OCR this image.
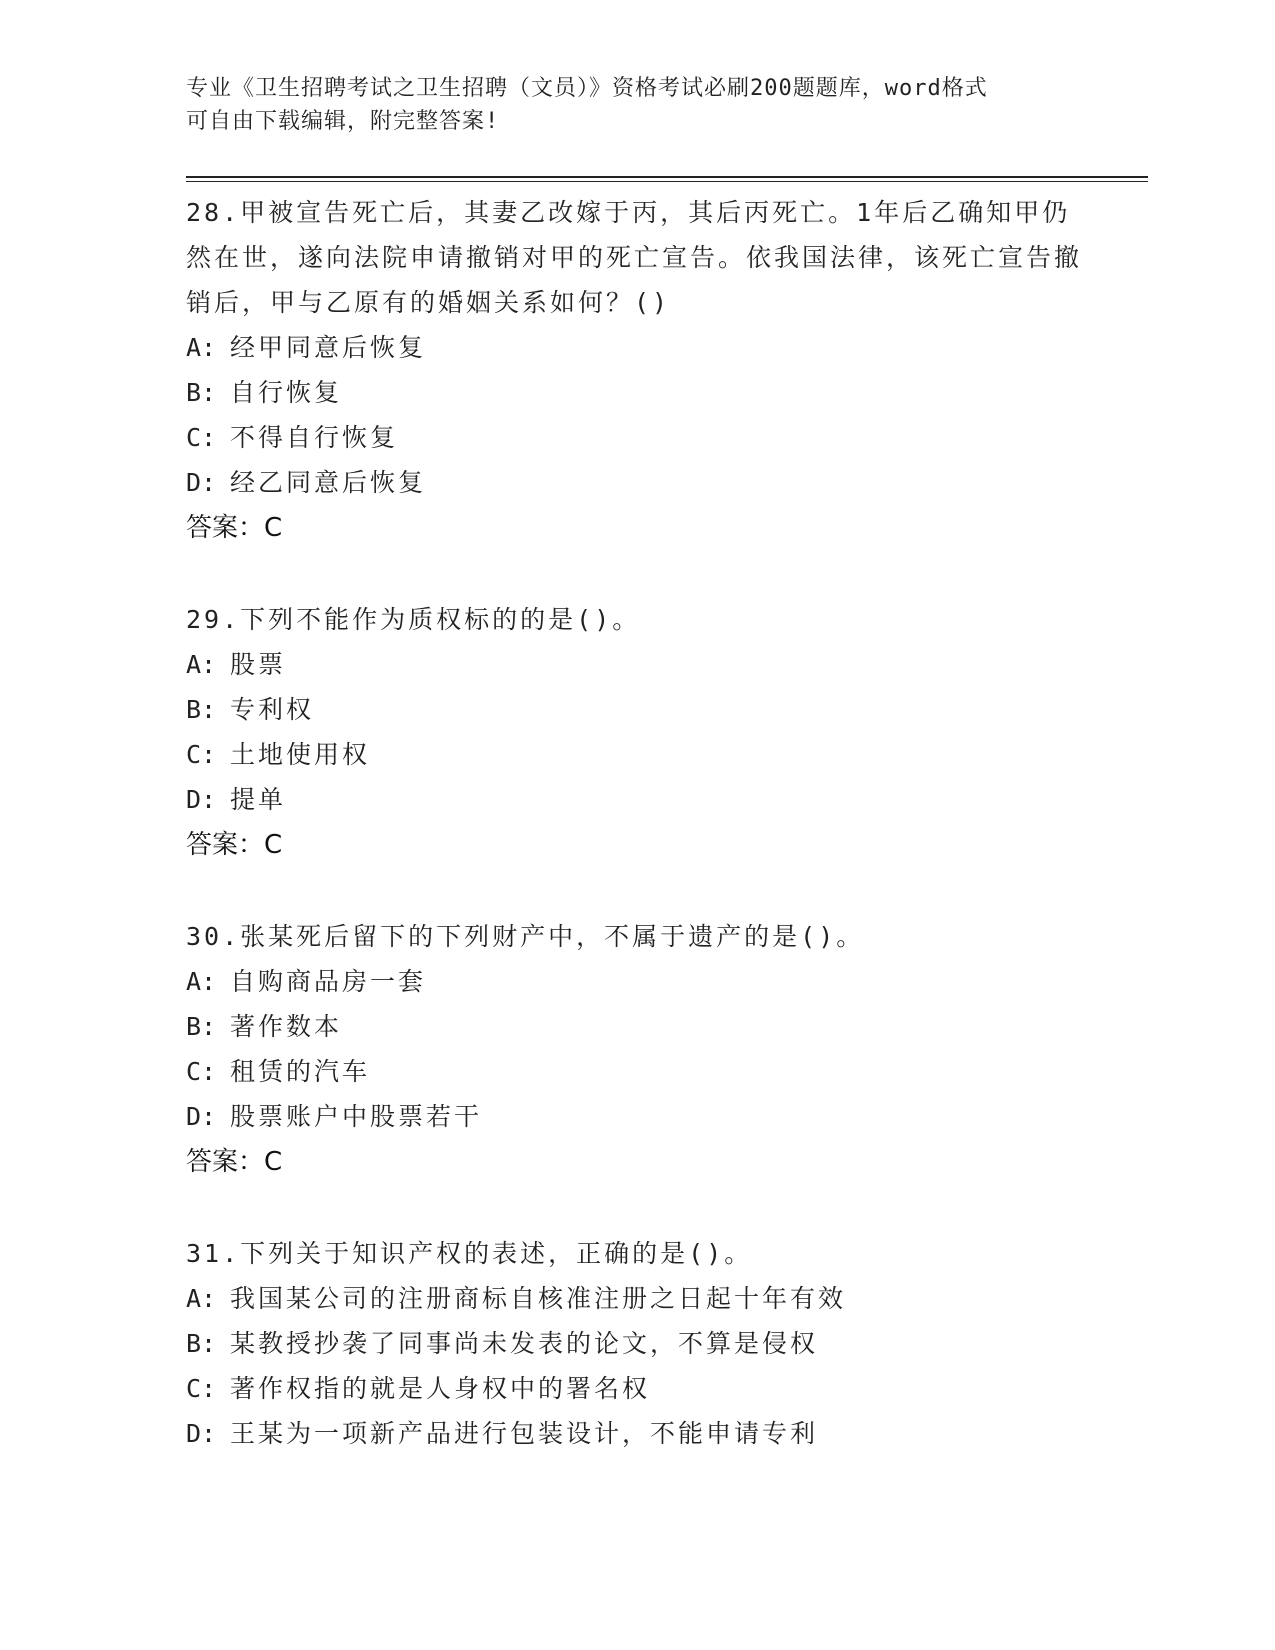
专业《卫生招聘考试之卫生招聘（文员）》资格考试必刷200题题库，word格式
可自由下载编辑，附完整答案!
28.甲被宣告死亡后，其妻乙改嫁于丙，其后丙死亡。1年后乙确知甲仍然在世，遂向法院申请撤销对甲的死亡宣告。依我国法律，该死亡宣告撤销后，甲与乙原有的婚姻关系如何？()
A: 经甲同意后恢复
B: 自行恢复
C: 不得自行恢复
D: 经乙同意后恢复
答案：C
29.下列不能作为质权标的的是()。
A: 股票
B: 专利权
C: 土地使用权
D: 提单
答案：C
30.张某死后留下的下列财产中，不属于遗产的是()。
A: 自购商品房一套
B: 著作数本
C: 租赁的汽车
D: 股票账户中股票若干
答案：C
31.下列关于知识产权的表述，正确的是()。
A: 我国某公司的注册商标自核准注册之日起十年有效
B: 某教授抄袭了同事尚未发表的论文，不算是侵权
C: 著作权指的就是人身权中的署名权
D: 王某为一项新产品进行包装设计，不能申请专利
